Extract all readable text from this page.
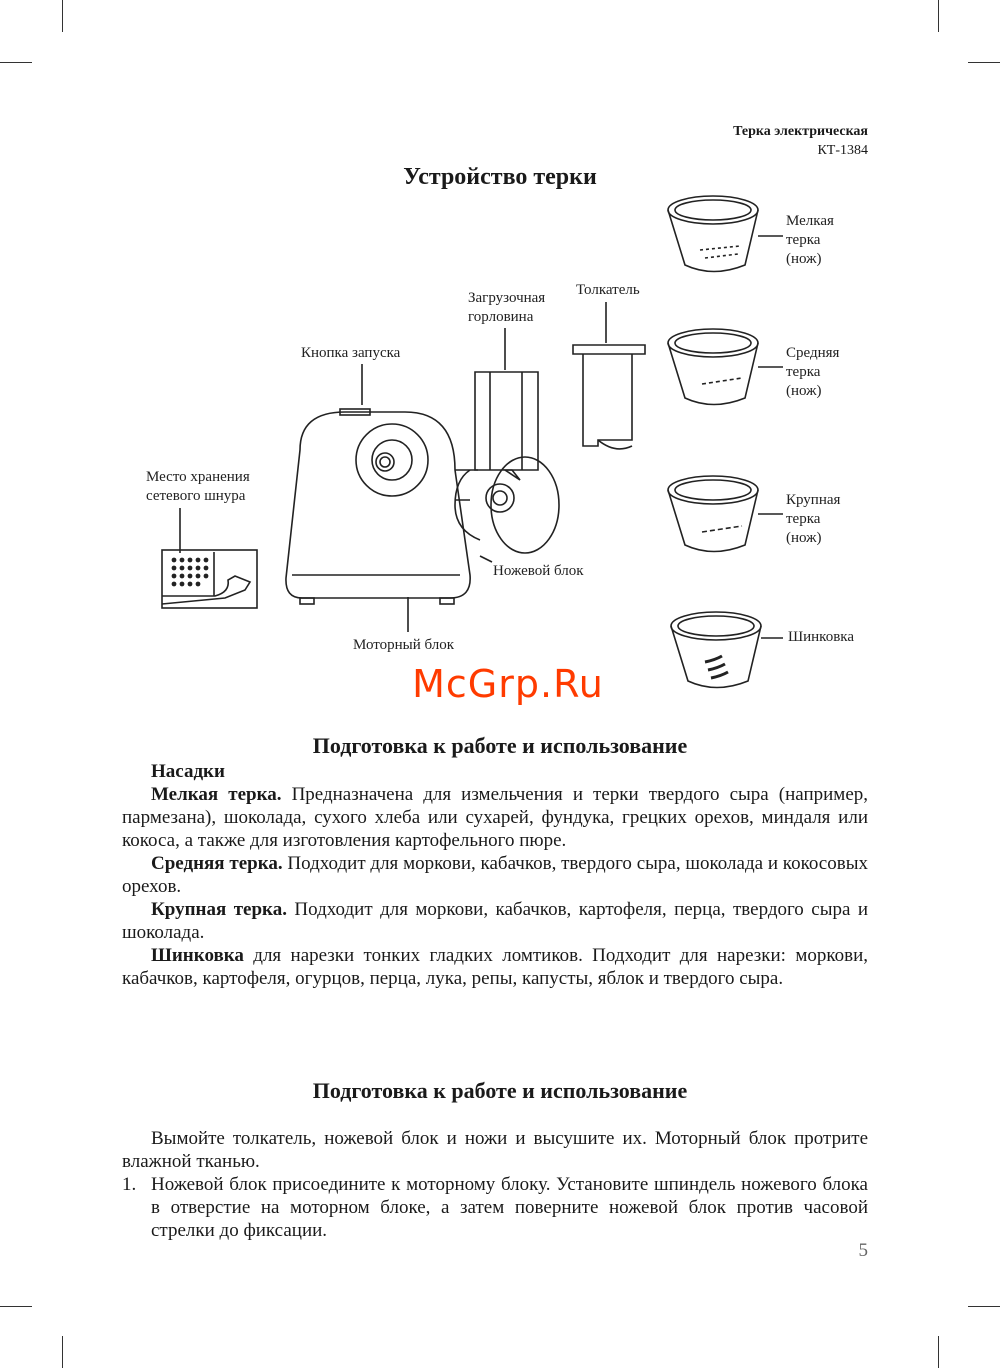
Терка электрическая
КТ-1384
Устройство терки
Мелкая
терка
(нож)
Средняя
терка
(нож)
Крупная
терка
(нож)
Шинковка
Толкатель
Загрузочная
горловина
Кнопка запуска
Место хранения
сетевого шнура
Ножевой блок
Моторный блок
McGrp.Ru
Подготовка к работе и использование

Насадки

Мелкая терка. Предназначена для измельчения и терки твердого сыра (например, пармезана), шоколада, сухого хлеба или сухарей, фундука, грецких орехов, миндаля или кокоса, а также для изготовления картофельного пюре.

Средняя терка. Подходит для моркови, кабачков, твердого сыра, шоколада и кокосовых орехов.

Крупная терка. Подходит для моркови, кабачков, картофеля, перца, твердого сыра и шоколада.

Шинковка для нарезки тонких гладких ломтиков. Подходит для нарезки: моркови, кабачков, картофеля, огурцов, перца, лука, репы, капусты, яблок и твердого сыра.

Подготовка к работе и использование

Вымойте толкатель, ножевой блок и ножи и высушите их. Моторный блок протрите влажной тканью.

1. Ножевой блок присоедините к моторному блоку. Установите шпиндель ножевого блока в отверстие на моторном блоке, а затем поверните ножевой блок против часовой стрелки до фиксации.
5
